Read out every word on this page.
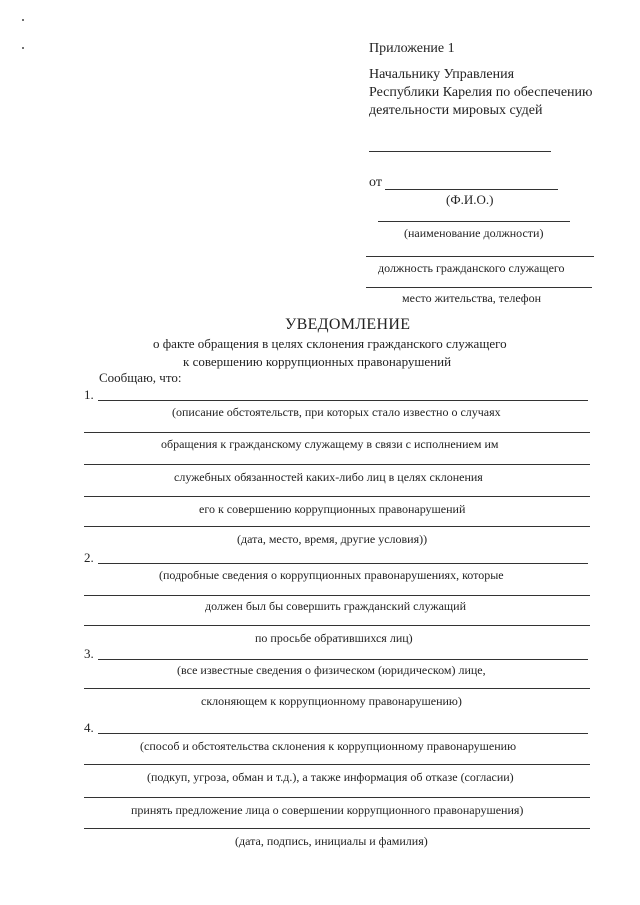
Приложение 1
Начальнику Управления
Республики Карелия по обеспечению
деятельности мировых судей
от
(Ф.И.О.)
(наименование должности)
должность гражданского служащего
место жительства, телефон
УВЕДОМЛЕНИЕ
о факте обращения в целях склонения гражданского служащего
к совершению коррупционных правонарушений
Сообщаю, что:
1.
(описание обстоятельств, при которых стало известно о случаях
обращения к гражданскому служащему в связи с исполнением им
служебных обязанностей каких-либо лиц в целях склонения
его к совершению коррупционных правонарушений
(дата, место, время, другие условия))
2.
(подробные сведения о коррупционных правонарушениях, которые
должен был бы совершить гражданский служащий
по просьбе обратившихся лиц)
3.
(все известные сведения о физическом (юридическом) лице,
склоняющем к коррупционному правонарушению)
4.
(способ и обстоятельства склонения к коррупционному правонарушению
(подкуп, угроза, обман и т.д.), а также информация об отказе (согласии)
принять предложение лица о совершении коррупционного правонарушения)
(дата, подпись, инициалы и фамилия)
